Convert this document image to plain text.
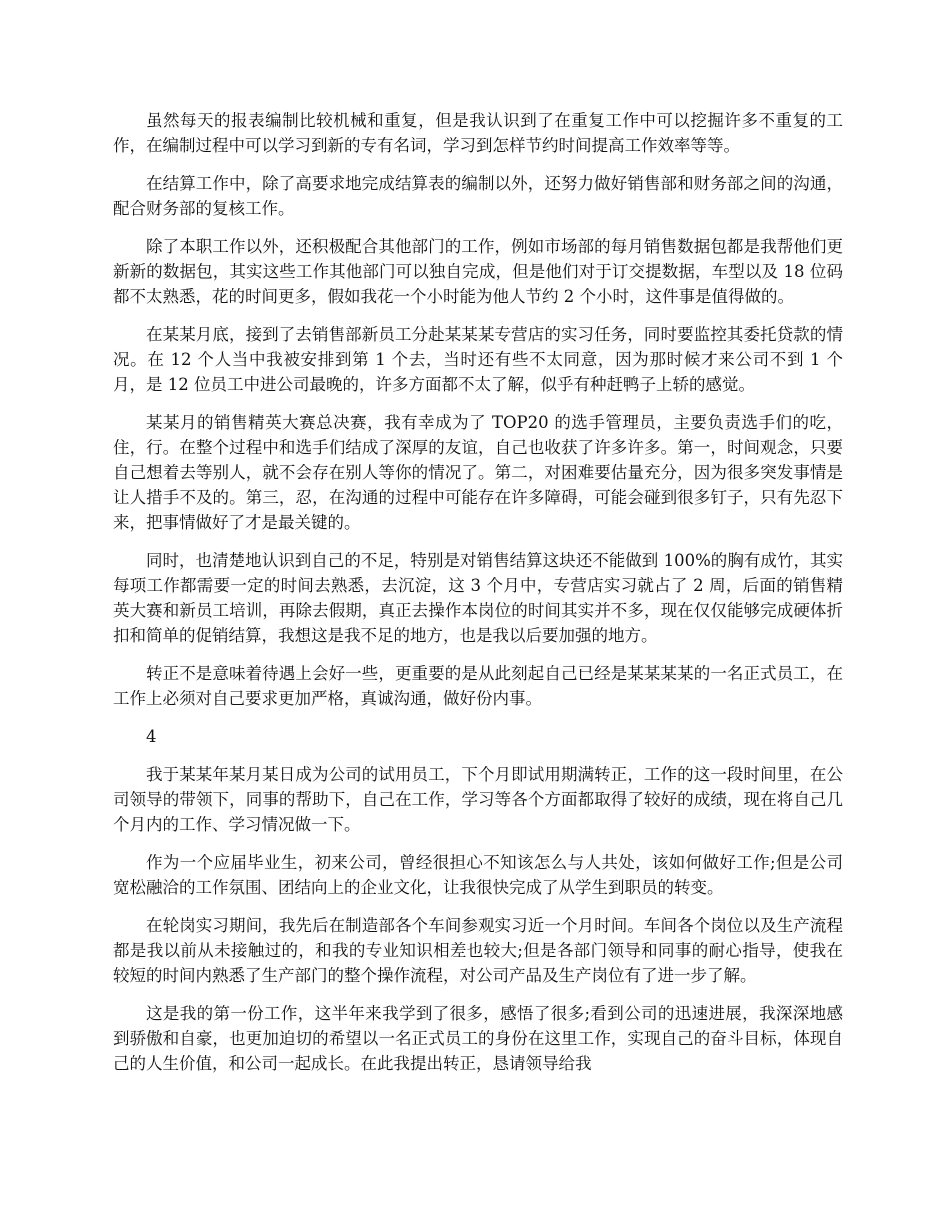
虽然每天的报表编制比较机械和重复，但是我认识到了在重复工作中可以挖掘许多不重复的工作，在编制过程中可以学习到新的专有名词，学习到怎样节约时间提高工作效率等等。

在结算工作中，除了高要求地完成结算表的编制以外，还努力做好销售部和财务部之间的沟通，配合财务部的复核工作。

除了本职工作以外，还积极配合其他部门的工作，例如市场部的每月销售数据包都是我帮他们更新新的数据包，其实这些工作其他部门可以独自完成，但是他们对于订交提数据，车型以及 18 位码都不太熟悉，花的时间更多，假如我花一个小时能为他人节约 2 个小时，这件事是值得做的。

在某某月底，接到了去销售部新员工分赴某某某专营店的实习任务，同时要监控其委托贷款的情况。在 12 个人当中我被安排到第 1 个去，当时还有些不太同意，因为那时候才来公司不到 1 个月，是 12 位员工中进公司最晚的，许多方面都不太了解，似乎有种赶鸭子上轿的感觉。

某某月的销售精英大赛总决赛，我有幸成为了 TOP20 的选手管理员，主要负责选手们的吃，住，行。在整个过程中和选手们结成了深厚的友谊，自己也收获了许多许多。第一，时间观念，只要自己想着去等别人，就不会存在别人等你的情况了。第二，对困难要估量充分，因为很多突发事情是让人措手不及的。第三，忍，在沟通的过程中可能存在许多障碍，可能会碰到很多钉子，只有先忍下来，把事情做好了才是最关键的。

同时，也清楚地认识到自己的不足，特别是对销售结算这块还不能做到 100%的胸有成竹，其实每项工作都需要一定的时间去熟悉，去沉淀，这 3 个月中，专营店实习就占了 2 周，后面的销售精英大赛和新员工培训，再除去假期，真正去操作本岗位的时间其实并不多，现在仅仅能够完成硬体折扣和简单的促销结算，我想这是我不足的地方，也是我以后要加强的地方。

转正不是意味着待遇上会好一些，更重要的是从此刻起自己已经是某某某某的一名正式员工，在工作上必须对自己要求更加严格，真诚沟通，做好份内事。

4

我于某某年某月某日成为公司的试用员工，下个月即试用期满转正，工作的这一段时间里，在公司领导的带领下，同事的帮助下，自己在工作，学习等各个方面都取得了较好的成绩，现在将自己几个月内的工作、学习情况做一下。

作为一个应届毕业生，初来公司，曾经很担心不知该怎么与人共处，该如何做好工作;但是公司宽松融洽的工作氛围、团结向上的企业文化，让我很快完成了从学生到职员的转变。

在轮岗实习期间，我先后在制造部各个车间参观实习近一个月时间。车间各个岗位以及生产流程都是我以前从未接触过的，和我的专业知识相差也较大;但是各部门领导和同事的耐心指导，使我在较短的时间内熟悉了生产部门的整个操作流程，对公司产品及生产岗位有了进一步了解。

这是我的第一份工作，这半年来我学到了很多，感悟了很多;看到公司的迅速进展，我深深地感到骄傲和自豪，也更加迫切的希望以一名正式员工的身份在这里工作，实现自己的奋斗目标，体现自己的人生价值，和公司一起成长。在此我提出转正，恳请领导给我
